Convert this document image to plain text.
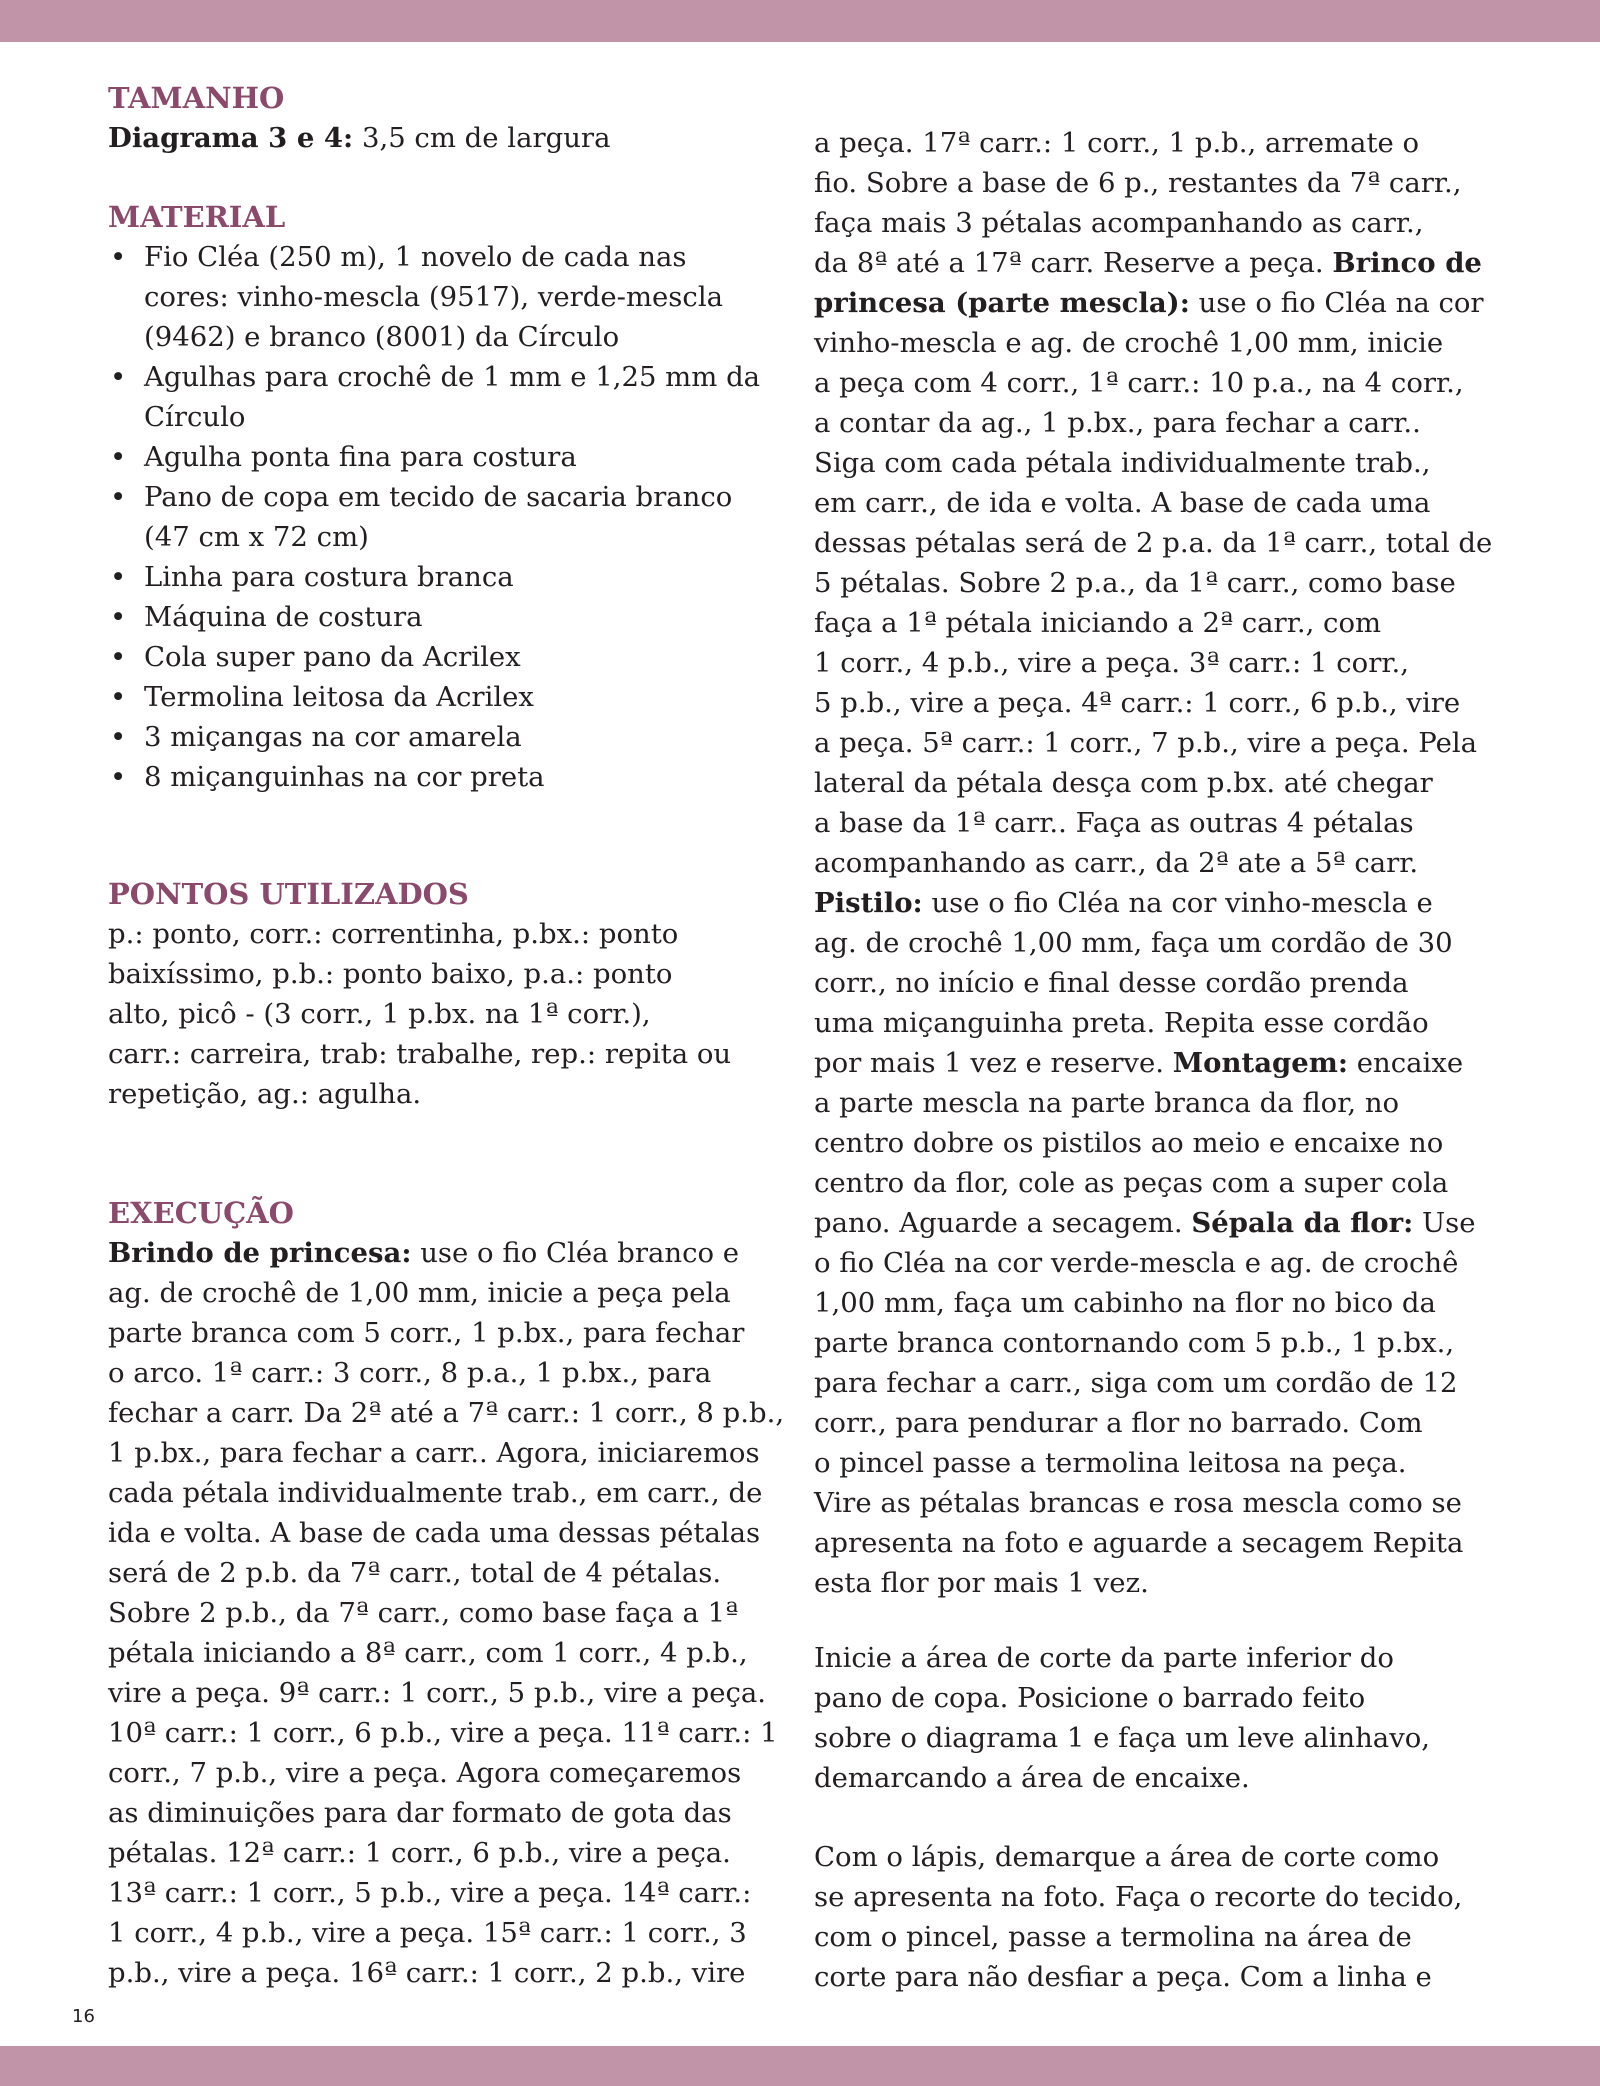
TAMANHO

Diagrama 3 e 4: 3,5 cm de largura

MATERIAL
• Fio Cléa (250 m), 1 novelo de cada nas cores: vinho-mescla (9517), verde-mescla (9462) e branco (8001) da Círculo
• Agulhas para crochê de 1 mm e 1,25 mm da Círculo
• Agulha ponta fina para costura
• Pano de copa em tecido de sacaria branco (47 cm x 72 cm)
• Linha para costura branca
• Máquina de costura
• Cola super pano da Acrilex
• Termolina leitosa da Acrilex
• 3 miçangas na cor amarela
• 8 miçanguinhas na cor preta
PONTOS UTILIZADOS

p.: ponto, corr.: correntinha, p.bx.: ponto

baixíssimo, p.b.: ponto baixo, p.a.: ponto

alto, picô - (3 corr., 1 p.bx. na 1ª corr.),

carr.: carreira, trab: trabalhe, rep.: repita ou

repetição, ag.: agulha.

EXECUÇÃO

Brindo de princesa: use o fio Cléa branco e

ag. de crochê de 1,00 mm, inicie a peça pela

parte branca com 5 corr., 1 p.bx., para fechar

o arco. 1ª carr.: 3 corr., 8 p.a., 1 p.bx., para

fechar a carr. Da 2ª até a 7ª carr.: 1 corr., 8 p.b.,

1 p.bx., para fechar a carr.. Agora, iniciaremos

cada pétala individualmente trab., em carr., de

ida e volta. A base de cada uma dessas pétalas

será de 2 p.b. da 7ª carr., total de 4 pétalas.

Sobre 2 p.b., da 7ª carr., como base faça a 1ª

pétala iniciando a 8ª carr., com 1 corr., 4 p.b.,

vire a peça. 9ª carr.: 1 corr., 5 p.b., vire a peça.

10ª carr.: 1 corr., 6 p.b., vire a peça. 11ª carr.: 1

corr., 7 p.b., vire a peça. Agora começaremos

as diminuições para dar formato de gota das

pétalas. 12ª carr.: 1 corr., 6 p.b., vire a peça.

13ª carr.: 1 corr., 5 p.b., vire a peça. 14ª carr.:

1 corr., 4 p.b., vire a peça. 15ª carr.: 1 corr., 3

p.b., vire a peça. 16ª carr.: 1 corr., 2 p.b., vire

a peça. 17ª carr.: 1 corr., 1 p.b., arremate o

fio. Sobre a base de 6 p., restantes da 7ª carr.,

faça mais 3 pétalas acompanhando as carr.,

da 8ª até a 17ª carr. Reserve a peça. Brinco de

princesa (parte mescla): use o fio Cléa na cor

vinho-mescla e ag. de crochê 1,00 mm, inicie

a peça com 4 corr., 1ª carr.: 10 p.a., na 4 corr.,

a contar da ag., 1 p.bx., para fechar a carr..

Siga com cada pétala individualmente trab.,

em carr., de ida e volta. A base de cada uma

dessas pétalas será de 2 p.a. da 1ª carr., total de

5 pétalas. Sobre 2 p.a., da 1ª carr., como base

faça a 1ª pétala iniciando a 2ª carr., com

1 corr., 4 p.b., vire a peça. 3ª carr.: 1 corr.,

5 p.b., vire a peça. 4ª carr.: 1 corr., 6 p.b., vire

a peça. 5ª carr.: 1 corr., 7 p.b., vire a peça. Pela

lateral da pétala desça com p.bx. até chegar

a base da 1ª carr.. Faça as outras 4 pétalas

acompanhando as carr., da 2ª ate a 5ª carr.

Pistilo: use o fio Cléa na cor vinho-mescla e

ag. de crochê 1,00 mm, faça um cordão de 30

corr., no início e final desse cordão prenda

uma miçanguinha preta. Repita esse cordão

por mais 1 vez e reserve. Montagem: encaixe

a parte mescla na parte branca da flor, no

centro dobre os pistilos ao meio e encaixe no

centro da flor, cole as peças com a super cola

pano. Aguarde a secagem. Sépala da flor: Use

o fio Cléa na cor verde-mescla e ag. de crochê

1,00 mm, faça um cabinho na flor no bico da

parte branca contornando com 5 p.b., 1 p.bx.,

para fechar a carr., siga com um cordão de 12

corr., para pendurar a flor no barrado. Com

o pincel passe a termolina leitosa na peça.

Vire as pétalas brancas e rosa mescla como se

apresenta na foto e aguarde a secagem Repita

esta flor por mais 1 vez.

Inicie a área de corte da parte inferior do

pano de copa. Posicione o barrado feito

sobre o diagrama 1 e faça um leve alinhavo,

demarcando a área de encaixe.

Com o lápis, demarque a área de corte como

se apresenta na foto. Faça o recorte do tecido,

com o pincel, passe a termolina na área de

corte para não desfiar a peça. Com a linha e

16
